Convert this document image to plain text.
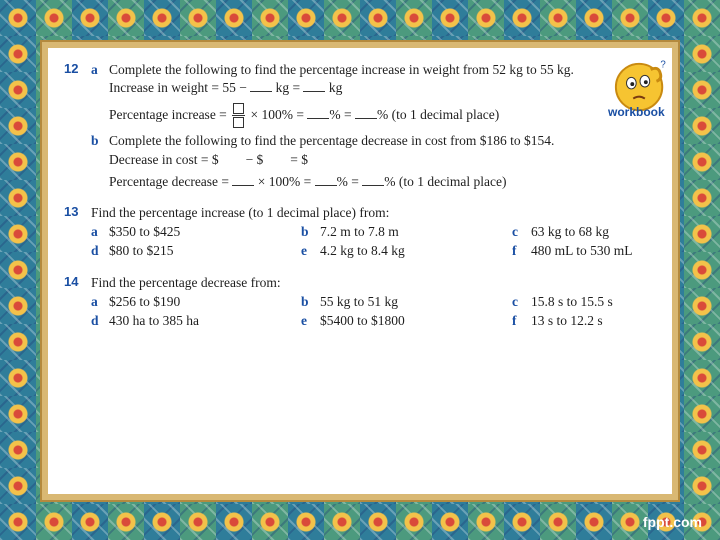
12 a Complete the following to find the percentage increase in weight from 52 kg to 55 kg.
Increase in weight = 55 − kg = kg
Percentage increase = × 100% = % = % (to 1 decimal place)
b Complete the following to find the percentage decrease in cost from $186 to $154.
Decrease in cost = $        − $        = $
Percentage decrease = × 100% = % = % (to 1 decimal place)
13 Find the percentage increase (to 1 decimal place) from:
a $350 to $425	b 7.2 m to 7.8 m	c 63 kg to 68 kg
d $80 to $215	e 4.2 kg to 8.4 kg	f 480 mL to 530 mL
14 Find the percentage decrease from:
a $256 to $190	b 55 kg to 51 kg	c 15.8 s to 15.5 s
d 430 ha to 385 ha	e $5400 to $1800	f 13 s to 12.2 s
?
workbook
fppt.com
